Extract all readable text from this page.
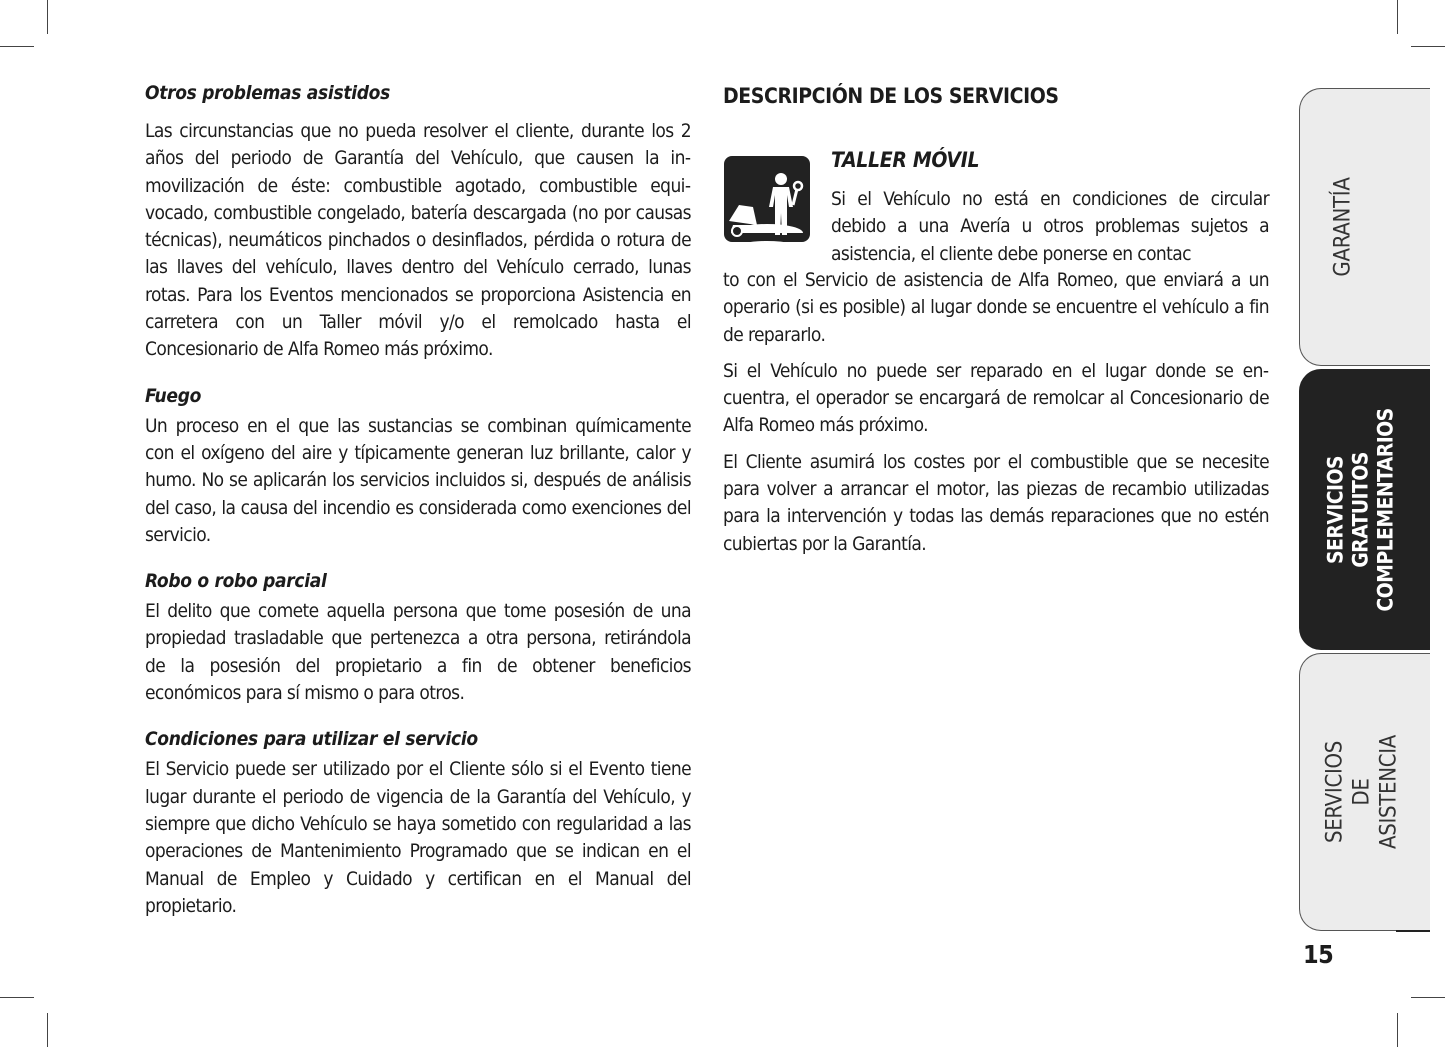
Otros problemas asistidos

Las circunstancias que no pueda resolver el cliente, durante los 2 años del periodo de Garantía del Vehículo, que causen la inmovilización de éste: combustible agotado, combustible equivocado, combustible congelado, batería descargada (no por causas técnicas), neumáticos pinchados o desinflados, pérdida o rotura de las llaves del vehículo, llaves dentro del Vehículo cerrado, lunas rotas. Para los Eventos mencionados se proporciona Asistencia en carretera con un Taller móvil y/o el remolcado hasta el Concesionario de Alfa Romeo más próximo.

Fuego

Un proceso en el que las sustancias se combinan químicamente con el oxígeno del aire y típicamente generan luz brillante, calor y humo. No se aplicarán los servicios incluidos si, después de análisis del caso, la causa del incendio es considerada como exenciones del servicio.

Robo o robo parcial

El delito que comete aquella persona que tome posesión de una propiedad trasladable que pertenezca a otra persona, retirándola de la posesión del propietario a fin de obtener beneficios económicos para sí mismo o para otros.

Condiciones para utilizar el servicio

El Servicio puede ser utilizado por el Cliente sólo si el Evento tiene lugar durante el periodo de vigencia de la Garantía del Vehículo, y siempre que dicho Vehículo se haya sometido con regularidad a las operaciones de Mantenimiento Programado que se indican en el Manual de Empleo y Cuidado y certifican en el Manual del propietario.

DESCRIPCIÓN DE LOS SERVICIOS
TALLER MÓVIL

Si el Vehículo no está en condiciones de circular debido a una Avería u otros problemas sujetos a asistencia, el cliente debe ponerse en contac

to con el Servicio de asistencia de Alfa Romeo, que enviará a un operario (si es posible) al lugar donde se encuentre el vehículo a fin de repararlo.

Si el Vehículo no puede ser reparado en el lugar donde se encuentra, el operador se encargará de remolcar al Concesionario de Alfa Romeo más próximo.

El Cliente asumirá los costes por el combustible que se necesite para volver a arrancar el motor, las piezas de recambio utilizadas para la intervención y todas las demás reparaciones que no estén cubiertas por la Garantía.

GARANTÍA
SERVICIOS GRATUITOS
COMPLEMENTARIOS
SERVICIOS
DE ASISTENCIA
15
